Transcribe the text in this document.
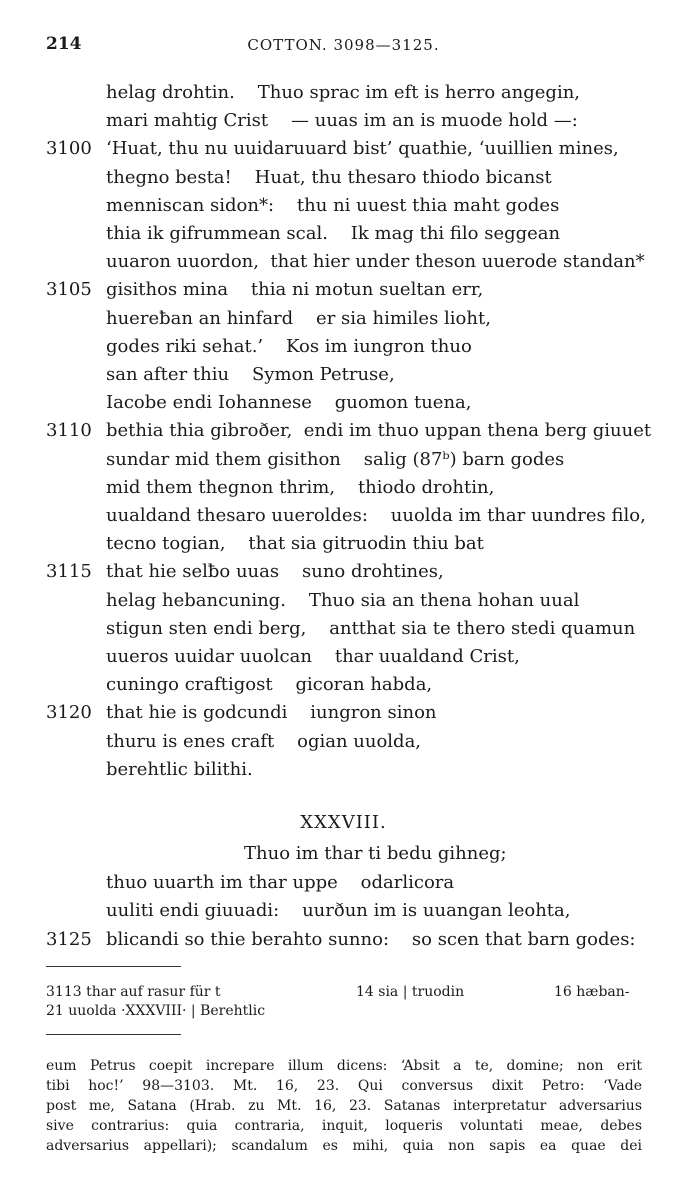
214	COTTON. 3098—3125.
helag drohtin.    Thuo sprac im eft is herro angegin,
mari mahtig Crist    — uuas im an is muode hold —:
3100 ‘Huat, thu nu uuidaruuard bist’ quathie, ‘uuillien mines,
thegno besta!    Huat, thu thesaro thiodo bicanst
menniscan sidon*:    thu ni uuest thia maht godes
thia ik gifrummean scal.    Ik mag thi filo seggean
uuaron uuordon,  that hier under theson uuerode standan*
3105 gisithos mina    thia ni motun sueltan err,
huereƀan an hinfard    er sia himiles lioht,
godes riki sehat.’    Kos im iungron thuo
san after thiu    Symon Petruse,
Iacobe endi Iohannese    guomon tuena,
3110 bethia thia gibroðer,  endi im thuo uppan thena berg giuuet
sundar mid them gisithon    salig (87ᵇ) barn godes
mid them thegnon thrim,    thiodo drohtin,
uualdand thesaro uueroldes:    uuolda im thar uundres filo,
tecno togian,    that sia gitruodin thiu bat
3115 that hie selƀo uuas    suno drohtines,
helag hebancuning.    Thuo sia an thena hohan uual
stigun sten endi berg,    antthat sia te thero stedi quamun
uueros uuidar uuolcan    thar uualdand Crist,
cuningo craftigost    gicoran habda,
3120 that hie is godcundi    iungron sinon
thuru is enes craft    ogian uuolda,
berehtlic bilithi.
XXXVIII.
Thuo im thar ti bedu gihneg;
thuo uuarth im thar uppe    odarlicora
uuliti endi giuuadi:    uurðun im is uuangan leohta,
3125 blicandi so thie berahto sunno:    so scen that barn godes:
3113 thar auf rasur für t	14 sia | truodin	16 hæban-
21 uuolda ·XXXVIII· | Berehtlic
eum Petrus coepit increpare illum dicens: ‘Absit a te, domine; non erit
tibi hoc!’ 98—3103. Mt. 16, 23. Qui conversus dixit Petro: ‘Vade
post me, Satana (Hrab. zu Mt. 16, 23. Satanas interpretatur adversarius
sive contrarius: quia contraria, inquit, loqueris voluntati meae, debes
adversarius appellari); scandalum es mihi, quia non sapis ea quae dei
